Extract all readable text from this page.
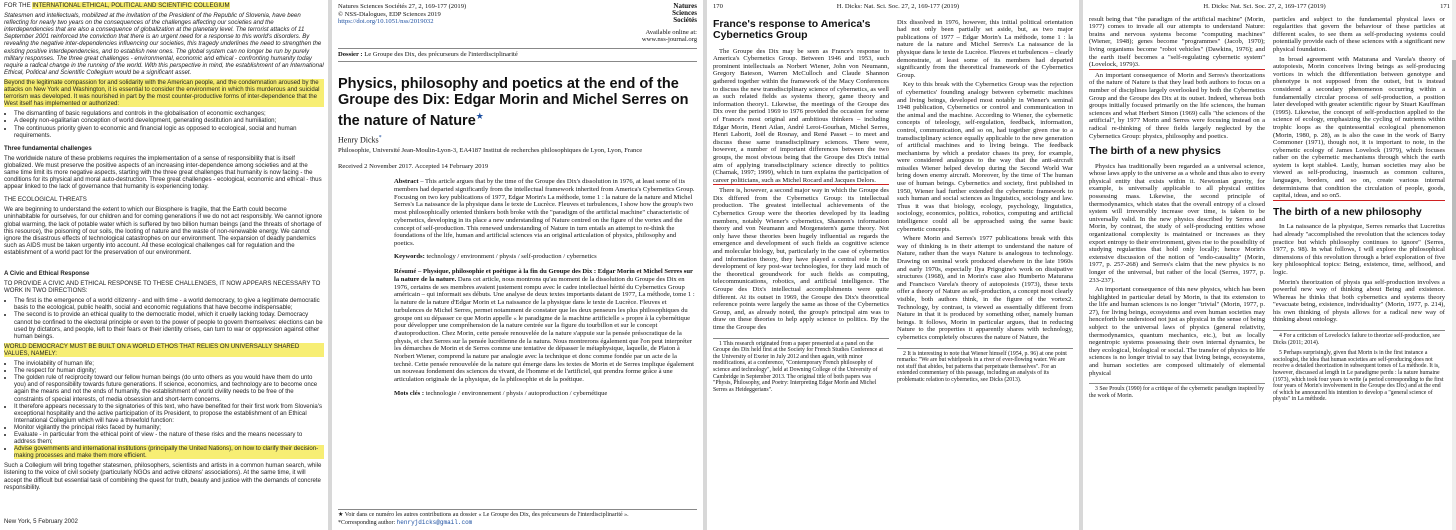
FOR THE INTERNATIONAL ETHICAL, POLITICAL AND SCIENTIFIC COLLEGIUM

Statesmen and intellectuals, mobilized at the invitation of the President of the Republic of Slovenia, have been reflecting for nearly two years on the consequences of the challenges affecting our societies and the interdependencies that are also a consequence of globalization at the planetary level. The terrorist attacks of 11 September 2001 reinforced the conviction that there is an urgent need for a response to this world's disorders. By revealing the negative inter-dependencies influencing our societies, this tragedy underlines the need to strengthen the existing positive interdependencies, and to establish new ones. The global system can no longer be run by purely military responses. The three great challenges - environmental, economic and ethical - confronting humanity today require a radical change in the running of the world. With this perspective in mind, the establishment of an International Ethical, Political and Scientific Collegium would be a significant asset.

Beyond the legitimate compassion for and solidarity with the American people, and the condemnation aroused by the attacks on New York and Washington, it is essential to consider the environment in which this murderous and suicidal terrorism was developed. It was nourished in part by the most counter-productive forms of inter-dependence that the West itself has implemented or authorized:

• The dismantling of basic regulations and controls in the globalisation of economic exchanges;
• A deeply non-egalitarian conception of world development, generating destitution and humiliation;
• The continuous priority given to economic and financial logic as opposed to ecological, social and human requirements.

Three fundamental challenges

The worldwide nature of these problems requires the implementation of a sense of responsibility that is itself globalized. We must preserve the positive aspects of an increasing inter-dependence among societies and at the same time limit its more negative aspects, starting with the three great challenges that humanity is now facing - the conditions for its physical and moral auto-destruction. Three great challenges - ecological, economic and ethical - thus appear linked to the lack of governance that humanity is experiencing today.

THE ECOLOGICAL THREATS

We are beginning to understand the extent to which our Biosphere is fragile, that the Earth could become uninhabitable for ourselves, for our children and for coming generations if we do not act responsibly. We cannot ignore global warming, the lack of potable water which is suffered by two billion human beings (and the threats of shortage of this resource), the poisoning of our soils, the looting of nature and the waste of non-renewable energy. We cannot ignore the disastrous effects of technological catastrophes on our environment. The expansion of deadly pandemics such as AIDS must be taken urgently into account. All these ecological challenges call for regulation and the establishment of a world pact for the preservation of our environment.

A Civic and Ethical Response

TO PROVIDE A CIVIC AND ETHICAL RESPONSE TO THESE CHALLENGES, IT NOW APPEARS NECESSARY TO WORK IN TWO DIRECTIONS:

• The first is the emergence of a world citizenry - and with time - a world democracy, to give a legitimate democratic basis to the ecological, public health, social and economic regulations that have become indispensable;
• The second is to provide an ethical quality to the democratic model, which it cruelly lacking today. Democracy cannot be confined to the electoral principle or even to the power of people to govern themselves: elections can be used by dictators, and people, left to their fears or their identity crises, can turn to war or oppression against other human beings.

WORLD DEMOCRACY MUST BE BUILT ON A WORLD ETHOS THAT RELIES ON UNIVERSALLY SHARED VALUES, NAMELY:

• The inviolability of human life;
• The respect for human dignity;
• The golden rule of reciprocity toward our fellow human beings (do unto others as you would have them do unto you) and of responsibility towards future generations. If science, economics, and technology are to become once again the means and not the ends of humanity, the establishment of world civility needs to be free of the constraints of special interests, of media obsession and short-term concerns.
• It therefore appears necessary to the signatories of this text, who have benefited for their first work from Slovenia's exceptional hospitality and the active participation of its President, to propose the establishment of an Ethical International Collegium which will have a threefold function:
• Monitor vigilantly the principal risks faced by humanity;
• Evaluate - in particular from the ethical point of view - the nature of these risks and the means necessary to address them;
• Advise governments and international institutions (principally the United Nations), on how to clarify their decision-making processes and make them more efficient.

Such a Collegium will bring together statesmen, philosophers, scientists and artists in a common human search, while listening to the voice of civil society (particularly NGOs and active citizens' associations). At the same time, it will accept the difficult but essential task of combining the quest for truth, beauty and justice with the demands of concrete responsibility.

New York, 5 February 2002

Natures Sciences Sociétés 27, 2, 169-177 (2019)

© NSS-Dialogues, EDP Sciences 2019

https://doi.org/10.1051/nss/2019032

Natures

Sciences

Sociétés

Available online at:

www.nss-journal.org

Dossier : Le Groupe des Dix, des précurseurs de l'interdisciplinarité

Physics, philosophy and poetics at the end of the Groupe des Dix: Edgar Morin and Michel Serres on the nature of Nature★

Henry Dicks*

Philosophie, Université Jean-Moulin-Lyon-3, EA4187 Institut de recherches philosophiques de Lyon, Lyon, France

Received 2 November 2017. Accepted 14 February 2019

Abstract – This article argues that by the time of the Groupe des Dix's dissolution in 1976, at least some of its members had departed significantly from the intellectual framework inherited from America's Cybernetics Group. Focusing on two key publications of 1977, Edgar Morin's La méthode, tome 1 : la nature de la nature and Michel Serres's La naissance de la physique dans le texte de Lucrèce. Fleuves et turbulences, I show how the group's two most philosophically oriented thinkers both broke with the "paradigm of the artificial machine" characteristic of cybernetics, developing in its place a new understanding of Nature centred on the figure of the vortex and the concept of self-production. This renewed understanding of Nature in turn entails an attempt to re-think the foundations of the life, human and artificial sciences via an original articulation of physics, philosophy and poetics.

Keywords: technology / environment / physis / self-production / cybernetics

Résumé – Physique, philosophie et poétique à la fin du Groupe des Dix : Edgar Morin et Michel Serres sur la nature de la nature. Dans cet article, nous montrons qu'au moment de la dissolution du Groupe des Dix en 1976, certains de ses membres avaient justement rompu avec le cadre intellectuel hérité du Cybernetics Group américain – qui informait ses débuts. Une analyse de deux textes importants datant de 1977, La méthode, tome 1 : la nature de la nature d'Edgar Morin et La naissance de la physique dans le texte de Lucrèce. Fleuves et turbulences de Michel Serres, permet notamment de constater que les deux penseurs les plus philosophiques du groupe ont su dépasser ce que Morin appelle « le paradigme de la machine artificielle » propre à la cybernétique pour développer une compréhension de la nature centrée sur la figure du tourbillon et sur le concept d'autoproduction. Chez Morin, cette pensée renouvelée de la nature s'appuie sur la pensée présocratique de la physis, et chez Serres sur la pensée lucrétienne de la natura. Nous montrerons également que l'on peut interpréter les démarches de Morin et de Serres comme une tentative de dépasser le métaphysique, laquelle, de Platon à Norbert Wiener, comprend la nature par analogie avec la technique et donc comme fondée par un acte de la technè. Cette pensée renouvelée de la nature qui émerge dans les textes de Morin et de Serres implique également un nouveau fondement des sciences du vivant, de l'homme et de l'artificiel, qui prendra forme grâce à une articulation originale de la physique, de la philosophie et de la poétique.

Mots clés : technologie / environnement / physis / autoproduction / cybernétique

★ Voir dans ce numéro les autres contributions au dossier « Le Groupe des Dix, des précurseurs de l'interdisciplinarité ».

*Corresponding author: henryjdicks@gmail.com

170	H. Dicks: Nat. Sci. Soc. 27, 2, 169-177 (2019)
France's response to America's Cybernetics Group

The Groupe des Dix may be seen as France's response to America's Cybernetics Group. Between 1946 and 1953, such prominent intellectuals as Norbert Wiener, John von Neumann, Gregory Bateson, Warren McCulloch and Claude Shannon gathered together within the framework of the Macy Conferences to discuss the new transdisciplinary science of cybernetics, as well as such related fields as systems theory, game theory and information theory1. Likewise, the meetings of the Groupe des Dix over the period 1969 to 1976 provided the occasion for some of France's most original and ambitious thinkers – including Edgar Morin, Henri Atlan, André Leroi-Gourhan, Michel Serres, Henri Laborit, Joël de Rosnay, and René Passet – to meet and discuss these same transdisciplinary sciences. There were, however, a number of important differences between the two groups, the most obvious being that the Groupe des Dix's initial aim of applying transdisciplinary science directly to politics (Chamak, 1997; 1999), which in turn explains the participation of career politicians, such as Michel Rocard and Jacques Delors.

There is, however, a second major way in which the Groupe des Dix differed from the Cybernetics Group: its intellectual production. The greatest intellectual achievements of the Cybernetics Group were the theories developed by its leading members, notably Wiener's cybernetics, Shannon's information theory and von Neumann and Morgenstern's game theory. Not only have these theories been hugely influential as regards the emergence and development of such fields as cognitive science and molecular biology, but, particularly in the case of cybernetics and information theory, they have played a central role in the development of key post-war technologies, for they laid much of the theoretical groundwork for such fields as computing, telecommunications, robotics, and artificial intelligence. The Groupe des Dix's intellectual accomplishments were quite different. At its outset in 1969, the Groupe des Dix's theoretical reference points were largely the same as those of the Cybernetics Group, and, as already noted, the group's principal aim was to draw on these theories to help apply science to politics. By the time the Groupe des

1 This research originated from a paper presented at a panel on the Groupe des Dix held first at the Society for French Studies Conference at the University of Exeter in July 2012 and then again, with minor modifications, at a conference, "Contemporary French philosophy of science and technology", held at Downing College of the University of Cambridge in September 2013. The original title of both papers was "Physis, Philosophy, and Poetry: Interpreting Edgar Morin and Michel Serres as Heideggerians".

Dix dissolved in 1976, however, this initial political orientation had not only been partially set aside, but, as two major publications of 1977 – Edgar Morin's La méthode, tome 1 : la nature de la nature and Michel Serres's La naissance de la physique dans le texte de Lucrèce. Fleuves et turbulences – clearly demonstrate, at least some of its members had departed significantly from the theoretical framework of the Cybernetics Group.

Key to this break with the Cybernetics Group was the rejection of cybernetics' founding analogy between cybernetic machines and living beings, developed most notably in Wiener's seminal 1948 publication, Cybernetics or control and communication in the animal and the machine. According to Wiener, the cybernetic concepts of teleology, self-regulation, feedback, information, control, communication, and so on, had together given rise to a transdisciplinary science equally applicable to the new generation of artificial machines and to living beings. The feedback mechanisms by which a predator chases its prey, for example, were considered analogous to the way that the anti-aircraft missiles Wiener helped develop during the Second World War bring down enemy aircraft. Moreover, by the time of The human use of human beings. Cybernetics and society, first published in 1950, Wiener had further extended the cybernetic framework to such human and social sciences as linguistics, sociology and law. Thus it was that biology, ecology, psychology, linguistics, sociology, economics, politics, robotics, computing and artificial intelligence could all be approached using the same basic cybernetic concepts.

Where Morin and Serres's 1977 publications break with this way of thinking is in their attempt to understand the nature of Nature, rather than the ways Nature is analogous to technology. Drawing on seminal work produced elsewhere in the late 1960s and early 1970s, especially Ilya Prigogine's work on dissipative structures (1968), and in Morin's case also Humberto Maturana and Francisco Varela's theory of autopoiesis (1973), these texts offer a theory of Nature as self-production, a concept most clearly visible, both authors think, in the figure of the vortex2. Technology, by contrast, is viewed as essentially different from Nature in that it is produced by something other, namely human beings. It follows, Morin in particular argues, that in reducing Nature to the properties it apparently shares with technology, cybernetics completely obscures the nature of Nature, the

2 It is interesting to note that Wiener himself (1954, p. 96) at one point remarks: "We are but whirlpools in a river of ever-flowing water. We are not stuff that abides, but patterns that perpetuate themselves". For an extended commentary of this passage, including an analysis of its problematic relation to cybernetics, see Dicks (2013).

H. Dicks: Nat. Sci. Soc. 27, 2, 169-177 (2019)	171

result being that "the paradigm of the artificial machine" (Morin, 1977) comes to invade all our attempts to understand Nature: brains and nervous systems become "computing machines" (Wiener, 1948); genes become "programmes" (Jacob, 1970); living organisms become "robot vehicles" (Dawkins, 1976); and the earth itself becomes a "self-regulating cybernetic system" (Lovelock, 1979)3.

An important consequence of Morin and Serres's theorizations of the nature of Nature is that they lead both authors to focus on a number of disciplines largely overlooked by both the Cybernetics Group and the Groupe des Dix at its outset. Indeed, whereas both groups initially focused primarily on the life sciences, the human sciences and what Herbert Simon (1969) calls "the sciences of the artificial", by 1977 Morin and Serres were focusing instead on a radical re-thinking of three fields largely neglected by the Cybernetics Group: physics, philosophy and poetics.

The birth of a new physics

Physics has traditionally been regarded as a universal science, whose laws apply to the universe as a whole and thus also to every physical entity that exists within it. Newtonian gravity, for example, is universally applicable to all physical entities possessing mass. Likewise, the second principle of thermodynamics, which states that the overall entropy of a closed system will irreversibly increase over time, is taken to be universally valid. In the new physics described by Serres and Morin, by contrast, the study of self-producing entities whose organizational complexity is maintained or increases as they export entropy to their environment, gives rise to the possibility of studying regularities that hold only locally; hence Morin's extensive discussion of the notion of "endo-causality" (Morin, 1977, p. 257-268) and Serres's claim that the new physics is no longer of the universal, but rather of the local (Serres, 1977, p. 233-237).

An important consequence of this new physics, which has been highlighted in particular detail by Morin, is that its extension to the life and human sciences is no longer "trivial" (Morin, 1977, p. 27), for living beings, ecosystems and even human societies may henceforth be understood not just as physical in the sense of being subject to the universal laws of physics (general relativity, thermodynamics, quantum mechanics, etc.), but as locally negentropic systems possessing their own internal dynamics, be they ecological, biological or social. The transfer of physics to life sciences is no longer trivial to say that living beings, ecosystems, and human societies are composed ultimately of elemental physical

3 See Proulx (1990) for a critique of the cybernetic paradigm inspired by the work of Morin.

particles and subject to the fundamental physical laws or regularities that govern the behaviour of these particles at different scales, to see them as self-producing systems could potentially provide each of these sciences with a significant new physical foundation.

In broad agreement with Maturana and Varela's theory of autopoiesis, Morin conceives living beings as self-producing vortices in which the differentiation between genotype and phenotype is not supposed from the outset, but is instead considered a secondary phenomenon occurring within a fundamentally circular process of self-production, a position later developed with greater scientific rigour by Stuart Kauffman (1995). Likewise, the concept of self-production applied to the science of ecology, emphasizing the cycling of nutrients within trophic loops as the quintessential ecological phenomenon (Morin, 1980, p. 28), as is also the case in the work of Barry Commoner (1971), though not, it is important to note, in the cybernetic ecology of James Lovelock (1979), which focuses rather on the cybernetic mechanisms through which the earth system is kept stable4. Lastly, human societies may also be viewed as self-producing, inasmuch as common cultures, languages, borders, and so on, create various internal determinisms that condition the circulation of people, goods, capital, ideas, and so on5.

The birth of a new philosophy

In La naissance de la physique, Serres remarks that Lucretius had already "accomplished the revolution that the sciences today practice but which philosophy continues to ignore" (Serres, 1977, p. 98). In what follows, I will explore the philosophical dimensions of this revolution through a brief exploration of five key philosophical topics: Being, existence, time, selfhood, and logic.

Morin's theorization of physis qua self-production involves a powerful new way of thinking about Being and existence. Whereas he thinks that both cybernetics and systems theory "evacuate being, existence, individuality" (Morin, 1977, p. 214), his own thinking of physis allows for a radical new way of thinking about ontology.

4 For a criticism of Lovelock's failure to theorize self-production, see Dicks (2011; 2014).

5 Perhaps surprisingly, given that Morin is in the first instance a sociologist, the idea that human societies are self-producing does not receive a detailed theorization in subsequent tomes of La méthode. It is, however, discussed at length in Le paradigme perdu : la nature humaine (1973), which took four years to write (a period corresponding to the first four years of Morin's involvement in the Groupe des Dix) and at the end of which he announced his intention to develop a "general science of physis" in La méthode.
